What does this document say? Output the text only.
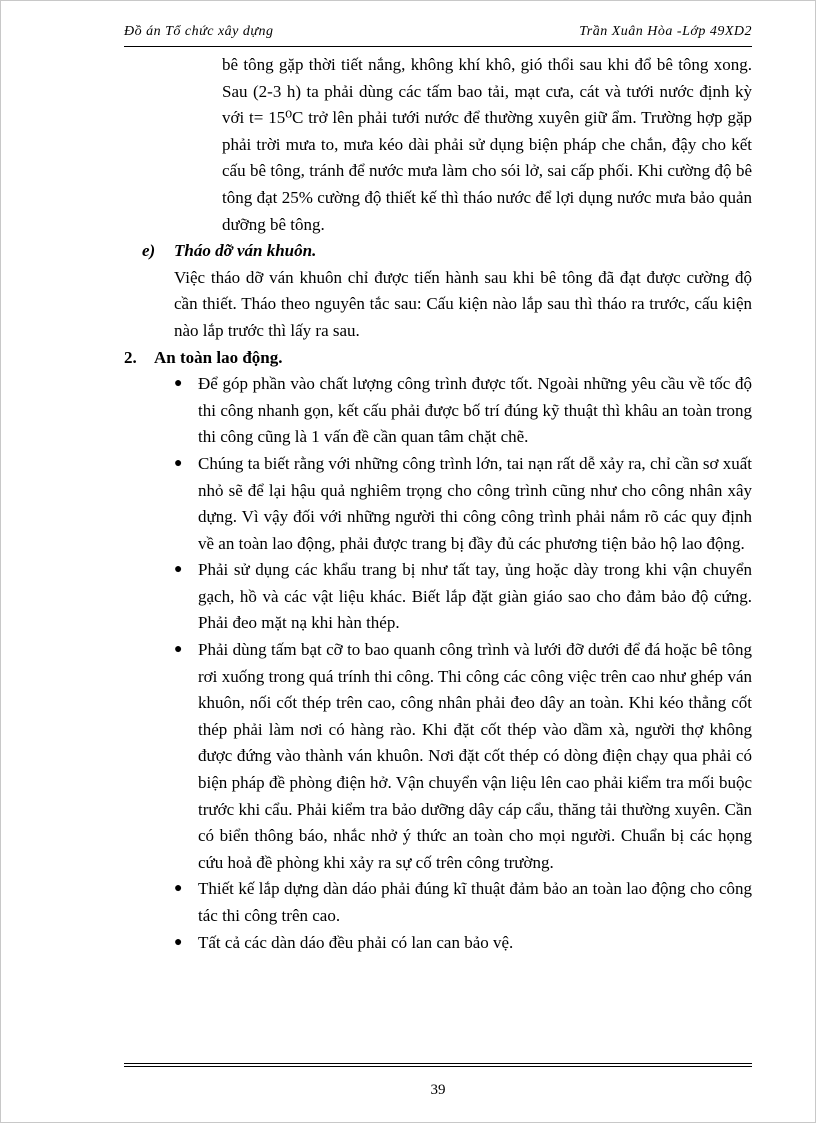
Đồ án Tổ chức xây dựng	Trần Xuân Hòa -Lớp 49XD2

bê tông gặp thời tiết nắng, không khí khô, gió thổi sau khi đổ bê tông xong. Sau (2-3 h) ta phải dùng các tấm bao tải, mạt cưa, cát và tưới nước định kỳ với t= 15⁰C trở lên phải tưới nước để thường xuyên giữ ẩm. Trường hợp gặp phải trời mưa to, mưa kéo dài phải sử dụng biện pháp che chắn, đậy cho kết cấu bê tông, tránh để nước mưa làm cho sói lở, sai cấp phối. Khi cường độ bê tông đạt 25% cường độ thiết kế thì tháo nước để lợi dụng nước mưa bảo quản dưỡng bê tông.

e) Tháo dỡ ván khuôn.

Việc tháo dỡ ván khuôn chỉ được tiến hành sau khi bê tông đã đạt được cường độ cần thiết. Tháo theo nguyên tắc sau: Cấu kiện nào lắp sau thì tháo ra trước, cấu kiện nào lắp trước thì lấy ra sau.

2. An toàn lao động.
● Để góp phần vào chất lượng công trình được tốt. Ngoài những yêu cầu về tốc độ thi công nhanh gọn, kết cấu phải được bố trí đúng kỹ thuật thì khâu an toàn trong thi công cũng là 1 vấn đề cần quan tâm chặt chẽ.
● Chúng ta biết rằng với những công trình lớn, tai nạn rất dễ xảy ra, chỉ cần sơ xuất nhỏ sẽ để lại hậu quả nghiêm trọng cho công trình cũng như cho công nhân xây dựng. Vì vậy đối với những người thi công công trình phải nắm rõ các quy định về an toàn lao động, phải được trang bị đầy đủ các phương tiện bảo hộ lao động.
● Phải sử dụng các khẩu trang bị như tất tay, ủng hoặc dày trong khi vận chuyển gạch, hồ và các vật liệu khác. Biết lắp đặt giàn giáo sao cho đảm bảo độ cứng. Phải đeo mặt nạ khi hàn thép.
● Phải dùng tấm bạt cỡ to bao quanh công trình và lưới đỡ dưới để đá hoặc bê tông rơi xuống trong quá trính thi công. Thi công các công việc trên cao như ghép ván khuôn, nối cốt thép trên cao, công nhân phải đeo dây an toàn. Khi kéo thẳng cốt thép phải làm nơi có hàng rào. Khi đặt cốt thép vào dầm xà, người thợ không được đứng vào thành ván khuôn. Nơi đặt cốt thép có dòng điện chạy qua phải có biện pháp đề phòng điện hở. Vận chuyển vận liệu lên cao phải kiểm tra mối buộc trước khi cẩu. Phải kiểm tra bảo dưỡng dây cáp cẩu, thăng tải thường xuyên. Cần có biển thông báo, nhắc nhở ý thức an toàn cho mọi người. Chuẩn bị các họng cứu hoả đề phòng khi xảy ra sự cố trên công trường.
● Thiết kế lắp dựng dàn dáo phải đúng kĩ thuật đảm bảo an toàn lao động cho công tác thi công trên cao.
● Tất cả các dàn dáo đều phải có lan can bảo vệ.
39
